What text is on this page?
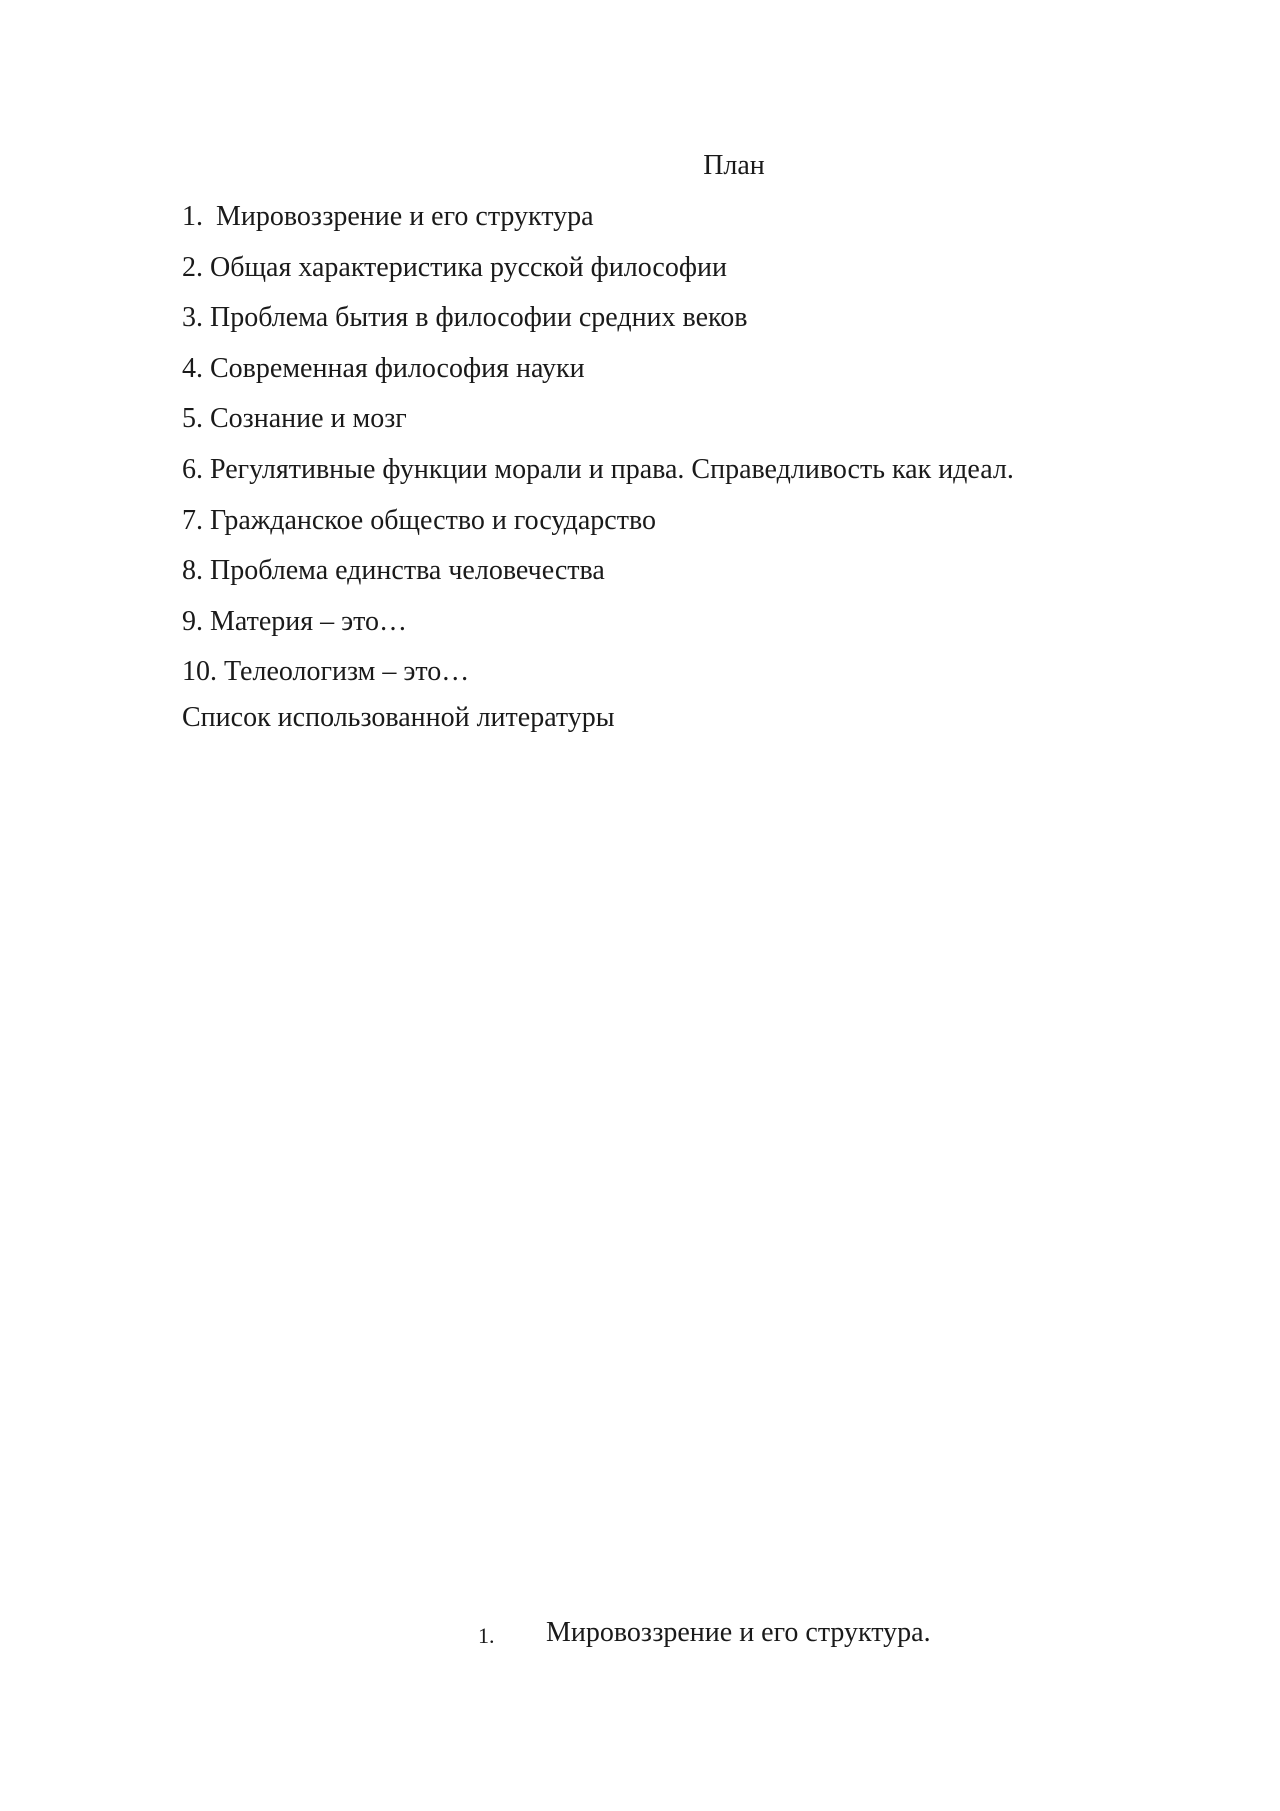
План
1. Мировоззрение и его структура
2. Общая характеристика русской философии
3. Проблема бытия в философии средних веков
4. Современная философия науки
5. Сознание и мозг
6. Регулятивные функции морали и права. Справедливость как идеал.
7. Гражданское общество и государство
8. Проблема единства человечества
9. Материя – это…
10. Телеологизм – это…
Список использованной литературы
1. Мировоззрение и его структура.
